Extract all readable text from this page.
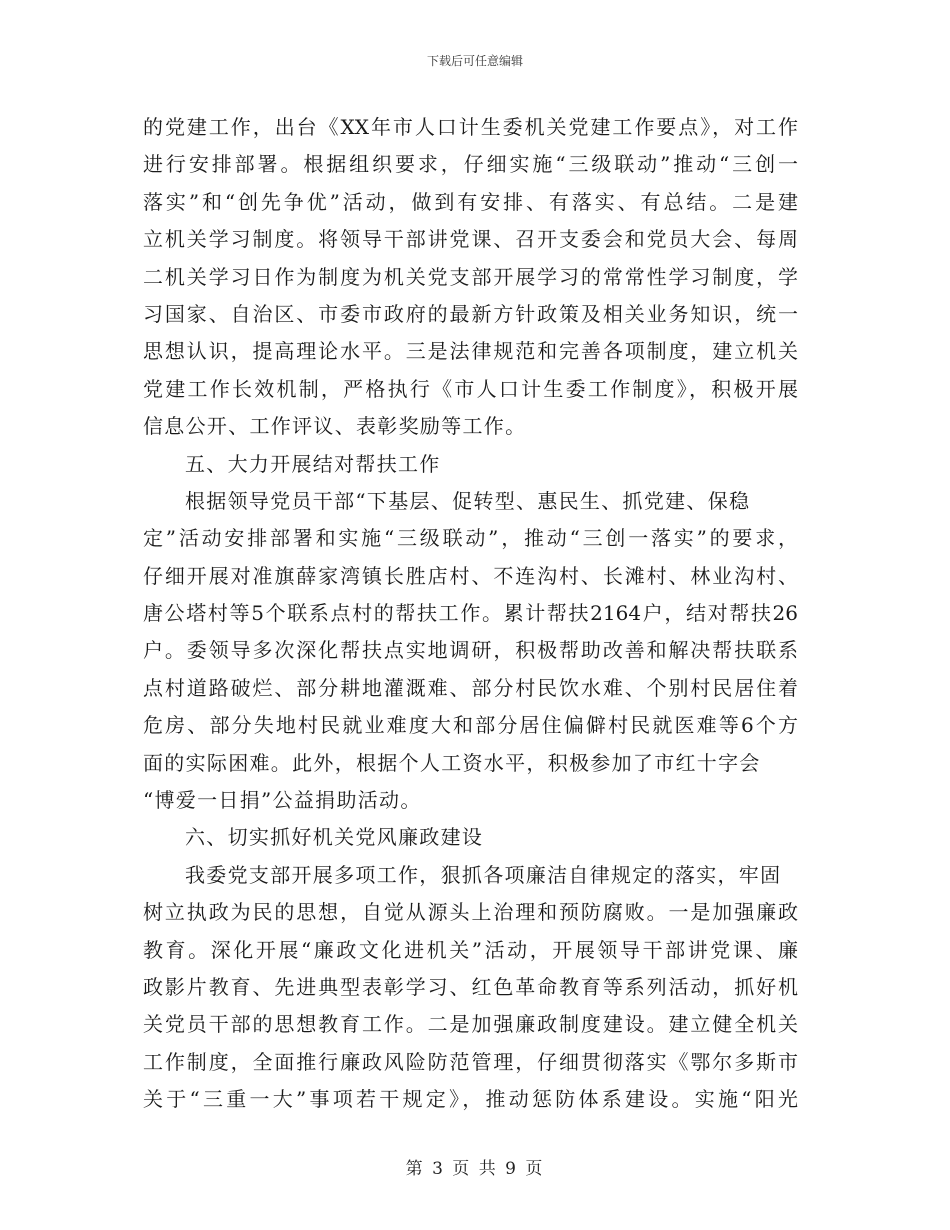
下载后可任意编辑
的党建工作，出台《XX年市人口计生委机关党建工作要点》，对工作
进行安排部署。根据组织要求，仔细实施“三级联动”推动“三创一
落实”和“创先争优”活动，做到有安排、有落实、有总结。二是建
立机关学习制度。将领导干部讲党课、召开支委会和党员大会、每周
二机关学习日作为制度为机关党支部开展学习的常常性学习制度，学
习国家、自治区、市委市政府的最新方针政策及相关业务知识，统一
思想认识，提高理论水平。三是法律规范和完善各项制度，建立机关
党建工作长效机制，严格执行《市人口计生委工作制度》，积极开展
信息公开、工作评议、表彰奖励等工作。
五、大力开展结对帮扶工作
根据领导党员干部“下基层、促转型、惠民生、抓党建、保稳
定”活动安排部署和实施“三级联动”，推动“三创一落实”的要求，
仔细开展对准旗薛家湾镇长胜店村、不连沟村、长滩村、林业沟村、
唐公塔村等5个联系点村的帮扶工作。累计帮扶2164户，结对帮扶26
户。委领导多次深化帮扶点实地调研，积极帮助改善和解决帮扶联系
点村道路破烂、部分耕地灌溉难、部分村民饮水难、个别村民居住着
危房、部分失地村民就业难度大和部分居住偏僻村民就医难等6个方
面的实际困难。此外，根据个人工资水平，积极参加了市红十字会
“博爱一日捐”公益捐助活动。
六、切实抓好机关党风廉政建设
我委党支部开展多项工作，狠抓各项廉洁自律规定的落实，牢固
树立执政为民的思想，自觉从源头上治理和预防腐败。一是加强廉政
教育。深化开展“廉政文化进机关”活动，开展领导干部讲党课、廉
政影片教育、先进典型表彰学习、红色革命教育等系列活动，抓好机
关党员干部的思想教育工作。二是加强廉政制度建设。建立健全机关
工作制度，全面推行廉政风险防范管理，仔细贯彻落实《鄂尔多斯市
关于“三重一大”事项若干规定》，推动惩防体系建设。实施“阳光
第 3 页 共 9 页
